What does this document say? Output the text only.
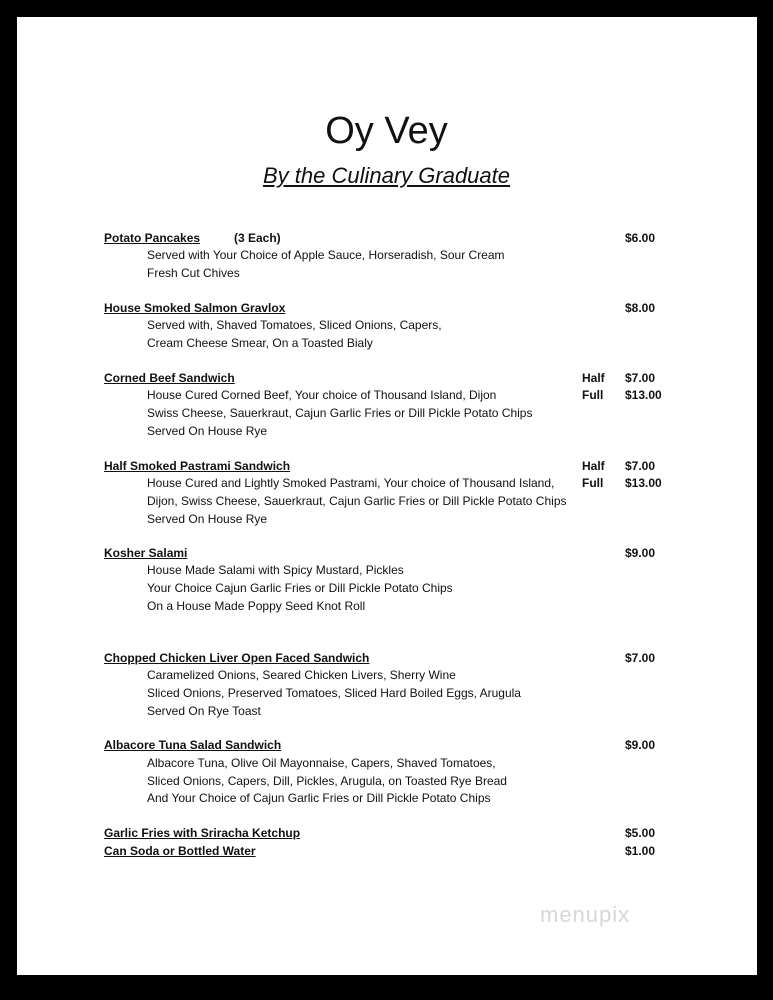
Oy Vey
By the Culinary Graduate
Potato Pancakes	(3 Each)	$6.00
Served with Your Choice of Apple Sauce, Horseradish, Sour Cream
Fresh Cut Chives
House Smoked Salmon Gravlox	$8.00
Served with, Shaved Tomatoes, Sliced Onions, Capers,
Cream Cheese Smear, On a Toasted Bialy
Corned Beef Sandwich	Half $7.00
Full $13.00
House Cured Corned Beef, Your choice of Thousand Island, Dijon
Swiss Cheese, Sauerkraut, Cajun Garlic Fries or Dill Pickle Potato Chips
Served On House Rye
Half Smoked Pastrami Sandwich	Half $7.00
Full $13.00
House Cured and Lightly Smoked Pastrami, Your choice of Thousand Island,
Dijon, Swiss Cheese, Sauerkraut, Cajun Garlic Fries or Dill Pickle Potato Chips
Served On House Rye
Kosher Salami	$9.00
House Made Salami with Spicy Mustard, Pickles
Your Choice Cajun Garlic Fries or Dill Pickle Potato Chips
On a House Made Poppy Seed Knot Roll
Chopped Chicken Liver Open Faced Sandwich	$7.00
Caramelized Onions, Seared Chicken Livers, Sherry Wine
Sliced Onions, Preserved Tomatoes, Sliced Hard Boiled Eggs, Arugula
Served On Rye Toast
Albacore Tuna Salad Sandwich	$9.00
Albacore Tuna, Olive Oil Mayonnaise, Capers, Shaved Tomatoes,
Sliced Onions, Capers, Dill, Pickles, Arugula, on Toasted Rye Bread
And Your Choice of Cajun Garlic Fries or Dill Pickle Potato Chips
Garlic Fries with Sriracha Ketchup	$5.00
Can Soda or Bottled Water	$1.00
menupix
